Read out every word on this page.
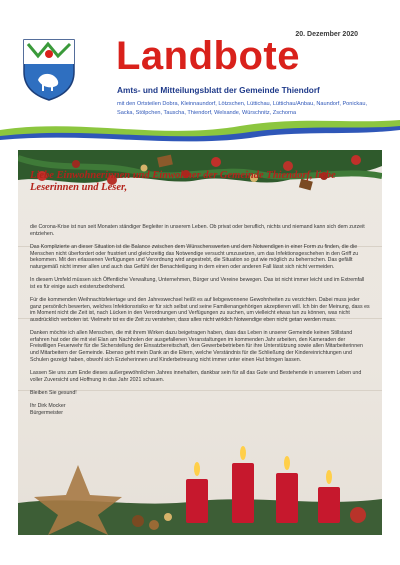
20. Dezember 2020
Landbote
Amts- und Mitteilungsblatt der Gemeinde Thiendorf
mit den Ortsteilen Dobra, Kleinnaundorf, Lötzschen, Lüttichau, Lüttichau/Anbau, Naundorf, Ponickau, Sacka, Stölpchen, Tauscha, Thiendorf, Welxande, Würschnitz, Zschorna
Liebe Einwohnerinnen und Einwohner der Gemeinde Thiendorf, liebe Leserinnen und Leser,

die Corona-Krise ist nun seit Monaten ständiger Begleiter in unserem Leben. Ob privat oder beruflich, nichts und niemand kann sich dem zurzeit entziehen.

Das Komplizierte an dieser Situation ist die Balance zwischen dem Wünschenswerten und dem Notwendigen in einer Form zu finden, die die Menschen nicht überfordert oder frustriert und gleichzeitig das Notwendige versucht umzusetzen, um das Infektionsgeschehen in den Griff zu bekommen. Mit den erlassenen Verfügungen und Verordnung wird angestrebt, die Situation so gut wie möglich zu beherrschen. Das gefällt naturgemäß nicht immer allen und auch das Gefühl der Benachteiligung in dem einen oder anderen Fall lässt sich nicht vermeiden.

In diesem Umfeld müssen sich Öffentliche Verwaltung, Unternehmen, Bürger und Vereine bewegen. Das ist nicht immer leicht und im Extremfall ist es für einige auch existenzbedrohend.

Für die kommenden Weihnachtsfeiertage und den Jahreswechsel heißt es auf liebgewonnene Gewohnheiten zu verzichten. Dabei muss jeder ganz persönlich bewerten, welches Infektionsrisiko er für sich selbst und seine Familienangehörigen akzeptieren will. Ich bin der Meinung, dass es im Moment nicht die Zeit ist, nach Lücken in den Verordnungen und Verfügungen zu suchen, um vielleicht etwas tun zu können, was nicht ausdrücklich verboten ist. Vielmehr ist es die Zeit zu verstehen, dass alles nicht wirklich Notwendige eben nicht getan werden muss.

Danken möchte ich allen Menschen, die mit ihrem Wirken dazu beigetragen haben, dass das Leben in unserer Gemeinde keinen Stillstand erfahren hat oder die mit viel Elan am Nachholen der ausgefallenen Veranstaltungen im kommenden Jahr arbeiten, den Kameraden der Freiwilligen Feuerwehr für die Sicherstellung der Einsatzbereitschaft, den Gewerbebetrieben für ihre Unterstützung sowie allen Mitarbeiterinnen und Mitarbeitern der Gemeinde. Ebenso geht mein Dank an die Eltern, welche Verständnis für die Schließung der Kindereinrichtungen und Schulen gezeigt haben, obwohl sich Erzieherinnen und Kinderbetreuung nicht immer unter einen Hut bringen lassen.

Lassen Sie uns zum Ende dieses außergewöhnlichen Jahres innehalten, dankbar sein für all das Gute und Bestehende in unserem Leben und voller Zuversicht und Hoffnung in das Jahr 2021 schauen.

Bleiben Sie gesund!

Ihr Dirk Mocker

Bürgermeister
